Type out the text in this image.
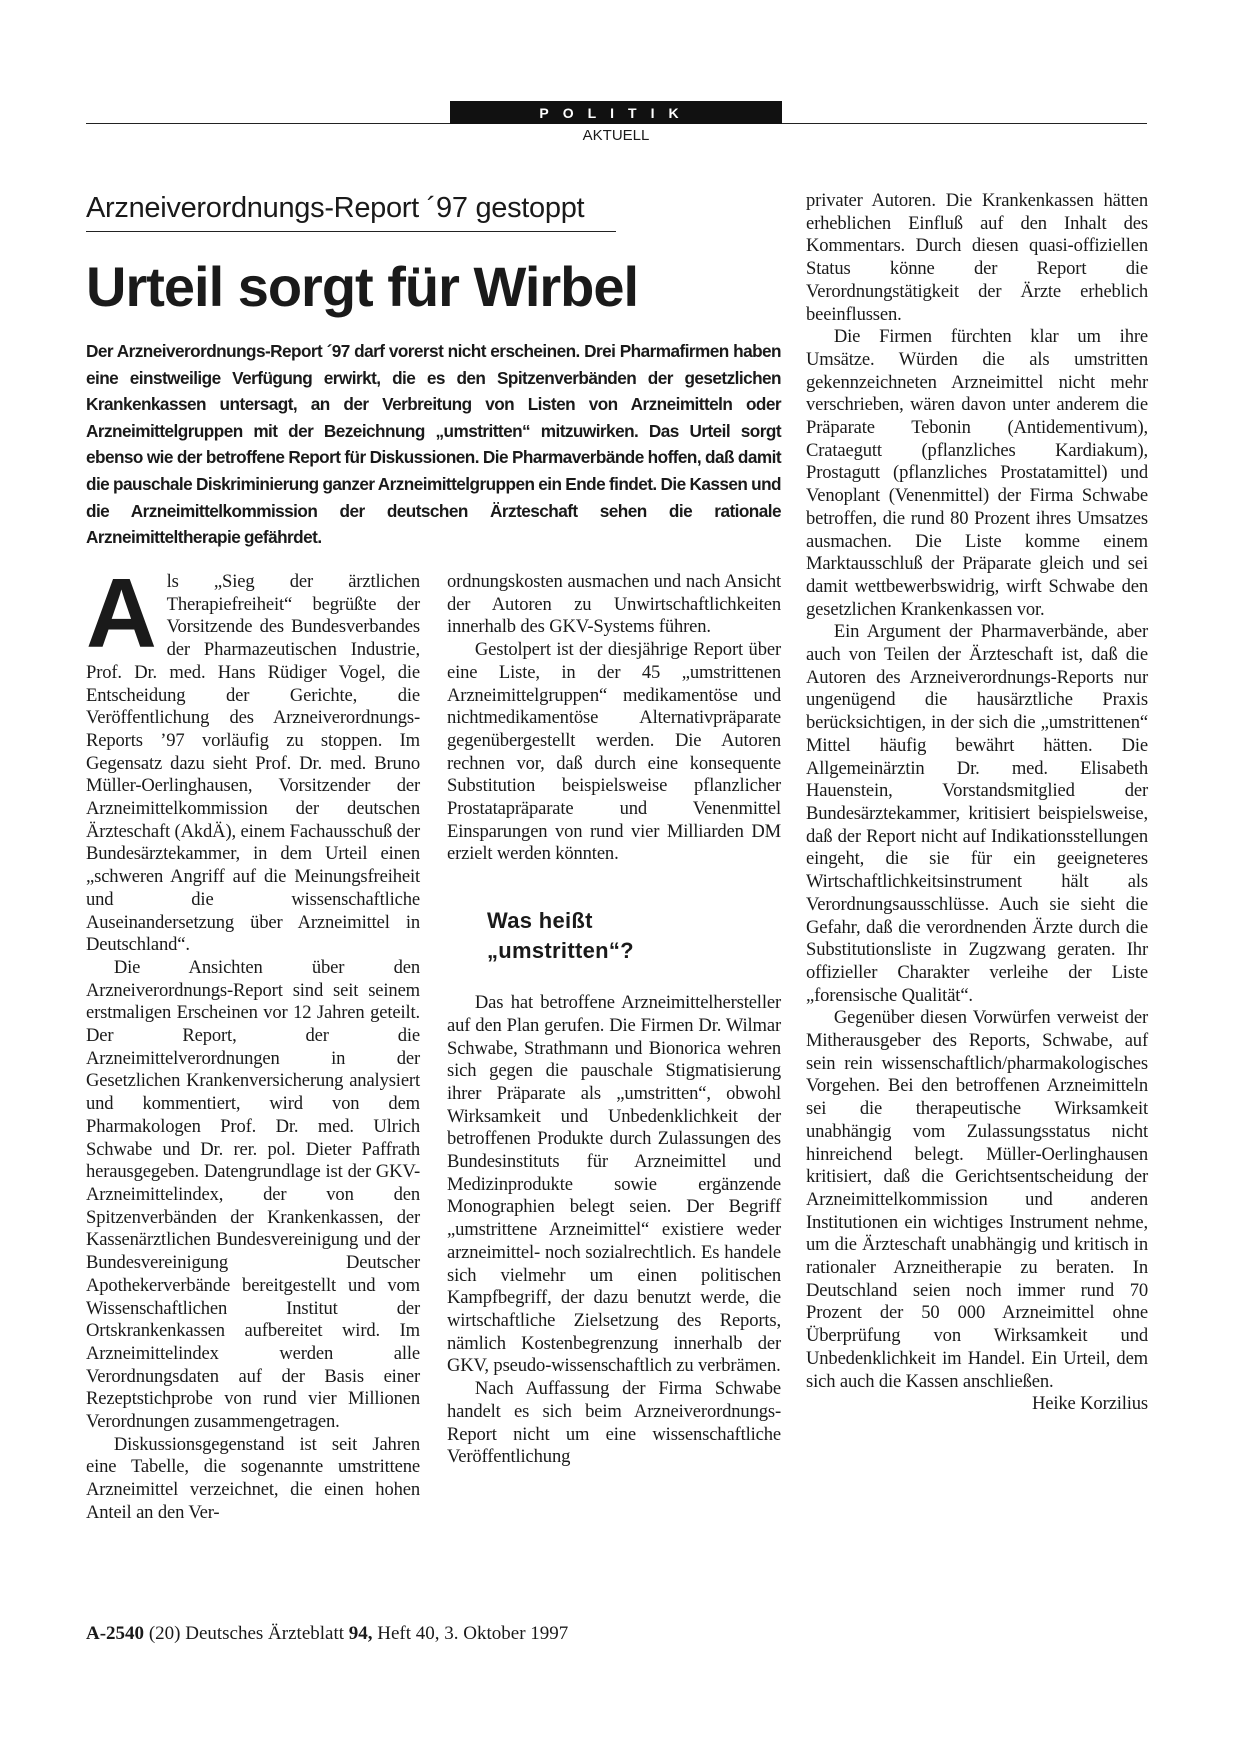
POLITIK
AKTUELL
Arzneiverordnungs-Report ´97 gestoppt
Urteil sorgt für Wirbel
Der Arzneiverordnungs-Report ´97 darf vorerst nicht erscheinen. Drei Pharmafirmen haben eine einstweilige Verfügung erwirkt, die es den Spitzenverbänden der gesetzlichen Krankenkassen untersagt, an der Verbreitung von Listen von Arzneimitteln oder Arzneimittelgruppen mit der Bezeichnung „umstritten“ mitzuwirken. Das Urteil sorgt ebenso wie der betroffene Report für Diskussionen. Die Pharmaverbände hoffen, daß damit die pauschale Diskriminierung ganzer Arzneimittelgruppen ein Ende findet. Die Kassen und die Arzneimittelkommission der deutschen Ärzteschaft sehen die rationale Arzneimitteltherapie gefährdet.
A ls „Sieg der ärztlichen Therapiefreiheit“ begrüßte der Vorsitzende des Bundesverbandes der Pharmazeutischen Industrie, Prof. Dr. med. Hans Rüdiger Vogel, die Entscheidung der Gerichte, die Veröffentlichung des Arzneiverordnungs-Reports ’97 vorläufig zu stoppen. Im Gegensatz dazu sieht Prof. Dr. med. Bruno Müller-Oerlinghausen, Vorsitzender der Arzneimittelkommission der deutschen Ärzteschaft (AkdÄ), einem Fachausschuß der Bundesärztekammer, in dem Urteil einen „schweren Angriff auf die Meinungsfreiheit und die wissenschaftliche Auseinandersetzung über Arzneimittel in Deutschland“.

Die Ansichten über den Arzneiverordnungs-Report sind seit seinem erstmaligen Erscheinen vor 12 Jahren geteilt. Der Report, der die Arzneimittelverordnungen in der Gesetzlichen Krankenversicherung analysiert und kommentiert, wird von dem Pharmakologen Prof. Dr. med. Ulrich Schwabe und Dr. rer. pol. Dieter Paffrath herausgegeben. Datengrundlage ist der GKV-Arzneimittelindex, der von den Spitzenverbänden der Krankenkassen, der Kassenärztlichen Bundesvereinigung und der Bundesvereinigung Deutscher Apothekerverbände bereitgestellt und vom Wissenschaftlichen Institut der Ortskrankenkassen aufbereitet wird. Im Arzneimittelindex werden alle Verordnungsdaten auf der Basis einer Rezeptstichprobe von rund vier Millionen Verordnungen zusammengetragen.

Diskussionsgegenstand ist seit Jahren eine Tabelle, die sogenannte umstrittene Arzneimittel verzeichnet, die einen hohen Anteil an den Ver-

ordnungskosten ausmachen und nach Ansicht der Autoren zu Unwirtschaftlichkeiten innerhalb des GKV-Systems führen.

Gestolpert ist der diesjährige Report über eine Liste, in der 45 „umstrittenen Arzneimittelgruppen“ medikamentöse und nichtmedikamentöse Alternativpräparate gegenübergestellt werden. Die Autoren rechnen vor, daß durch eine konsequente Substitution beispielsweise pflanzlicher Prostatapräparate und Venenmittel Einsparungen von rund vier Milliarden DM erzielt werden könnten.

Was heißt
„umstritten“?

Das hat betroffene Arzneimittelhersteller auf den Plan gerufen. Die Firmen Dr. Wilmar Schwabe, Strathmann und Bionorica wehren sich gegen die pauschale Stigmatisierung ihrer Präparate als „umstritten“, obwohl Wirksamkeit und Unbedenklichkeit der betroffenen Produkte durch Zulassungen des Bundesinstituts für Arzneimittel und Medizinprodukte sowie ergänzende Monographien belegt seien. Der Begriff „umstrittene Arzneimittel“ existiere weder arzneimittel- noch sozialrechtlich. Es handele sich vielmehr um einen politischen Kampfbegriff, der dazu benutzt werde, die wirtschaftliche Zielsetzung des Reports, nämlich Kostenbegrenzung innerhalb der GKV, pseudo-wissenschaftlich zu verbrämen.

Nach Auffassung der Firma Schwabe handelt es sich beim Arzneiverordnungs-Report nicht um eine wissenschaftliche Veröffentlichung

privater Autoren. Die Krankenkassen hätten erheblichen Einfluß auf den Inhalt des Kommentars. Durch diesen quasi-offiziellen Status könne der Report die Verordnungstätigkeit der Ärzte erheblich beeinflussen.

Die Firmen fürchten klar um ihre Umsätze. Würden die als umstritten gekennzeichneten Arzneimittel nicht mehr verschrieben, wären davon unter anderem die Präparate Tebonin (Antidementivum), Crataegutt (pflanzliches Kardiakum), Prostagutt (pflanzliches Prostatamittel) und Venoplant (Venenmittel) der Firma Schwabe betroffen, die rund 80 Prozent ihres Umsatzes ausmachen. Die Liste komme einem Marktausschluß der Präparate gleich und sei damit wettbewerbswidrig, wirft Schwabe den gesetzlichen Krankenkassen vor.

Ein Argument der Pharmaverbände, aber auch von Teilen der Ärzteschaft ist, daß die Autoren des Arzneiverordnungs-Reports nur ungenügend die hausärztliche Praxis berücksichtigen, in der sich die „umstrittenen“ Mittel häufig bewährt hätten. Die Allgemeinärztin Dr. med. Elisabeth Hauenstein, Vorstandsmitglied der Bundesärztekammer, kritisiert beispielsweise, daß der Report nicht auf Indikationsstellungen eingeht, die sie für ein geeigneteres Wirtschaftlichkeitsinstrument hält als Verordnungsausschlüsse. Auch sie sieht die Gefahr, daß die verordnenden Ärzte durch die Substitutionsliste in Zugzwang geraten. Ihr offizieller Charakter verleihe der Liste „forensische Qualität“.

Gegenüber diesen Vorwürfen verweist der Mitherausgeber des Reports, Schwabe, auf sein rein wissenschaftlich/pharmakologisches Vorgehen. Bei den betroffenen Arzneimitteln sei die therapeutische Wirksamkeit unabhängig vom Zulassungsstatus nicht hinreichend belegt. Müller-Oerlinghausen kritisiert, daß die Gerichtsentscheidung der Arzneimittelkommission und anderen Institutionen ein wichtiges Instrument nehme, um die Ärzteschaft unabhängig und kritisch in rationaler Arzneitherapie zu beraten. In Deutschland seien noch immer rund 70 Prozent der 50 000 Arzneimittel ohne Überprüfung von Wirksamkeit und Unbedenklichkeit im Handel. Ein Urteil, dem sich auch die Kassen anschließen.
Heike Korzilius

A-2540 (20) Deutsches Ärzteblatt 94, Heft 40, 3. Oktober 1997
